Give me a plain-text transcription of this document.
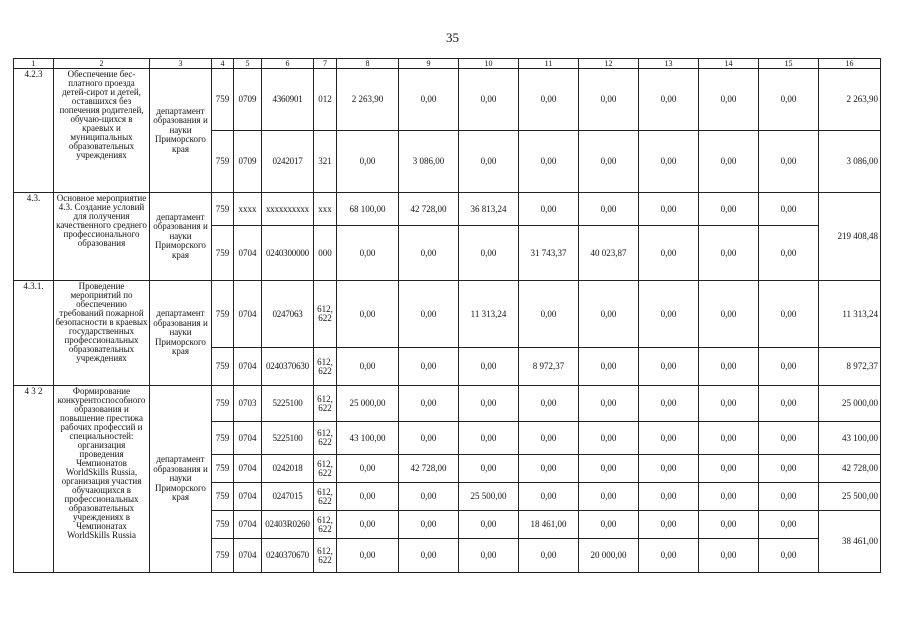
35
1	2	3	4	5	6	7	8	9	10	11	12	13	14	15	16
4.2.3	Обеспечение бес-платного проезда детей-сирот и детей, оставшихся без попечения родителей, обучаю-щихся в краевых и муниципальных образовательных учреждениях	департамент образования и науки Приморского края	759	0709	4360901	012	2 263,90	0,00	0,00	0,00	0,00	0,00	0,00	0,00	2 263,90
			759	0709	0242017	321	0,00	3 086,00	0,00	0,00	0,00	0,00	0,00	0,00	3 086,00
4.3.	Основное мероприятие 4.3. Создание условий для получения качественного среднего профессионального образования	департамент образования и науки Приморского края	759	хххх	хххххххххх	ххх	68 100,00	42 728,00	36 813,24	0,00	0,00	0,00	0,00	0,00	219 408,48
			759	0704	0240300000	000	0,00	0,00	0,00	31 743,37	40 023,87	0,00	0,00	0,00	
4.3.1.	Проведение мероприятий по обеспечению требований пожарной безопасности в краевых государственных профессиональных образовательных учреждениях	департамент образования и науки Приморского края	759	0704	0247063	612, 622	0,00	0,00	11 313,24	0,00	0,00	0,00	0,00	0,00	11 313,24
			759	0704	0240370630	612, 622	0,00	0,00	0,00	8 972,37	0,00	0,00	0,00	0,00	8 972,37
4 3 2	Формирование конкурентоспособного образования и повышение престижа рабочих профессий и специальностей: организация проведения Чемпионатов WorldSkills Russia, организация участия обучающихся в профессиональных образовательных учреждениях в Чемпионатах WorldSkills Russia	департамент образования и науки Приморского края	759	0703	5225100	612, 622	25 000,00	0,00	0,00	0,00	0,00	0,00	0,00	0,00	25 000,00
			759	0704	5225100	612, 622	43 100,00	0,00	0,00	0,00	0,00	0,00	0,00	0,00	43 100,00
			759	0704	0242018	612, 622	0,00	42 728,00	0,00	0,00	0,00	0,00	0,00	0,00	42 728,00
			759	0704	0247015	612, 622	0,00	0,00	25 500,00	0,00	0,00	0,00	0,00	0,00	25 500,00
			759	0704	02403R0260	612, 622	0,00	0,00	0,00	18 461,00	0,00	0,00	0,00	0,00	38 461,00
			759	0704	0240370670	612, 622	0,00	0,00	0,00	0,00	20 000,00	0,00	0,00	0,00	
